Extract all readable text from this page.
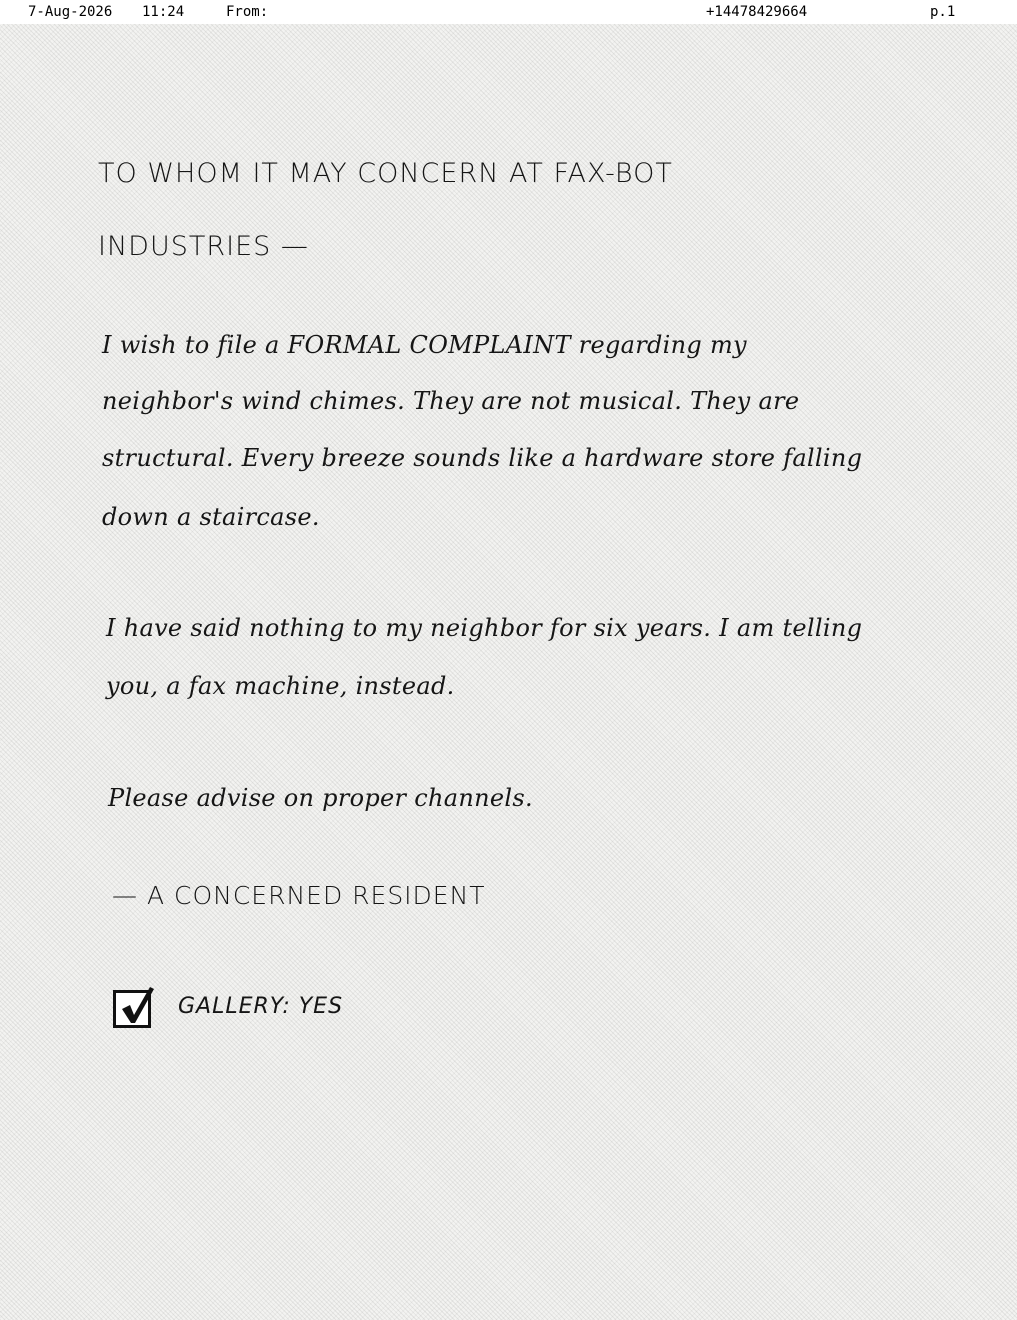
7-Aug-2026 11:24	From:	+14478429664	p.1
TO WHOM IT MAY CONCERN AT FAX-BOT
INDUSTRIES —
I wish to file a FORMAL COMPLAINT regarding my
neighbor's wind chimes. They are not musical. They are
structural. Every breeze sounds like a hardware store falling
down a staircase.
I have said nothing to my neighbor for six years. I am telling
you, a fax machine, instead.
Please advise on proper channels.
— A CONCERNED RESIDENT
GALLERY: YES
